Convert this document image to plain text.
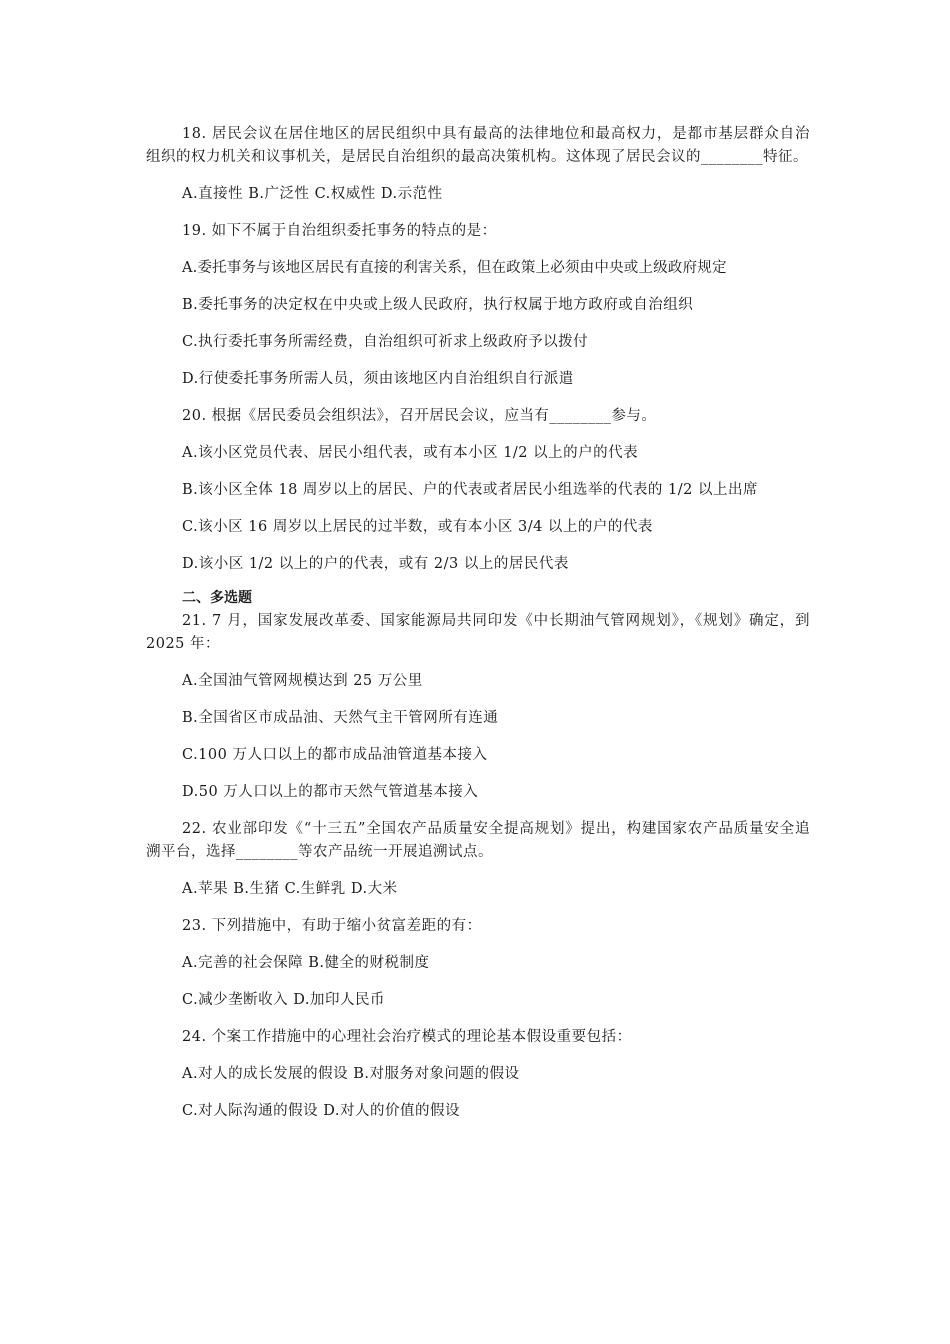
18. 居民会议在居住地区的居民组织中具有最高的法律地位和最高权力，是都市基层群众自治组织的权力机关和议事机关，是居民自治组织的最高决策机构。这体现了居民会议的________特征。

A.直接性 B.广泛性 C.权威性 D.示范性

19. 如下不属于自治组织委托事务的特点的是：

A.委托事务与该地区居民有直接的利害关系，但在政策上必须由中央或上级政府规定

B.委托事务的决定权在中央或上级人民政府，执行权属于地方政府或自治组织

C.执行委托事务所需经费，自治组织可祈求上级政府予以拨付

D.行使委托事务所需人员，须由该地区内自治组织自行派遣

20. 根据《居民委员会组织法》，召开居民会议，应当有________参与。

A.该小区党员代表、居民小组代表，或有本小区 1/2 以上的户的代表

B.该小区全体 18 周岁以上的居民、户的代表或者居民小组选举的代表的 1/2 以上出席

C.该小区 16 周岁以上居民的过半数，或有本小区 3/4 以上的户的代表

D.该小区 1/2 以上的户的代表，或有 2/3 以上的居民代表

二、多选题

21. 7 月，国家发展改革委、国家能源局共同印发《中长期油气管网规划》，《规划》确定，到 2025 年：

A.全国油气管网规模达到 25 万公里

B.全国省区市成品油、天然气主干管网所有连通

C.100 万人口以上的都市成品油管道基本接入

D.50 万人口以上的都市天然气管道基本接入

22. 农业部印发《“十三五”全国农产品质量安全提高规划》提出，构建国家农产品质量安全追溯平台，选择________等农产品统一开展追溯试点。

A.苹果 B.生猪 C.生鲜乳 D.大米

23. 下列措施中，有助于缩小贫富差距的有：

A.完善的社会保障 B.健全的财税制度

C.减少垄断收入 D.加印人民币

24. 个案工作措施中的心理社会治疗模式的理论基本假设重要包括：

A.对人的成长发展的假设 B.对服务对象问题的假设

C.对人际沟通的假设 D.对人的价值的假设
